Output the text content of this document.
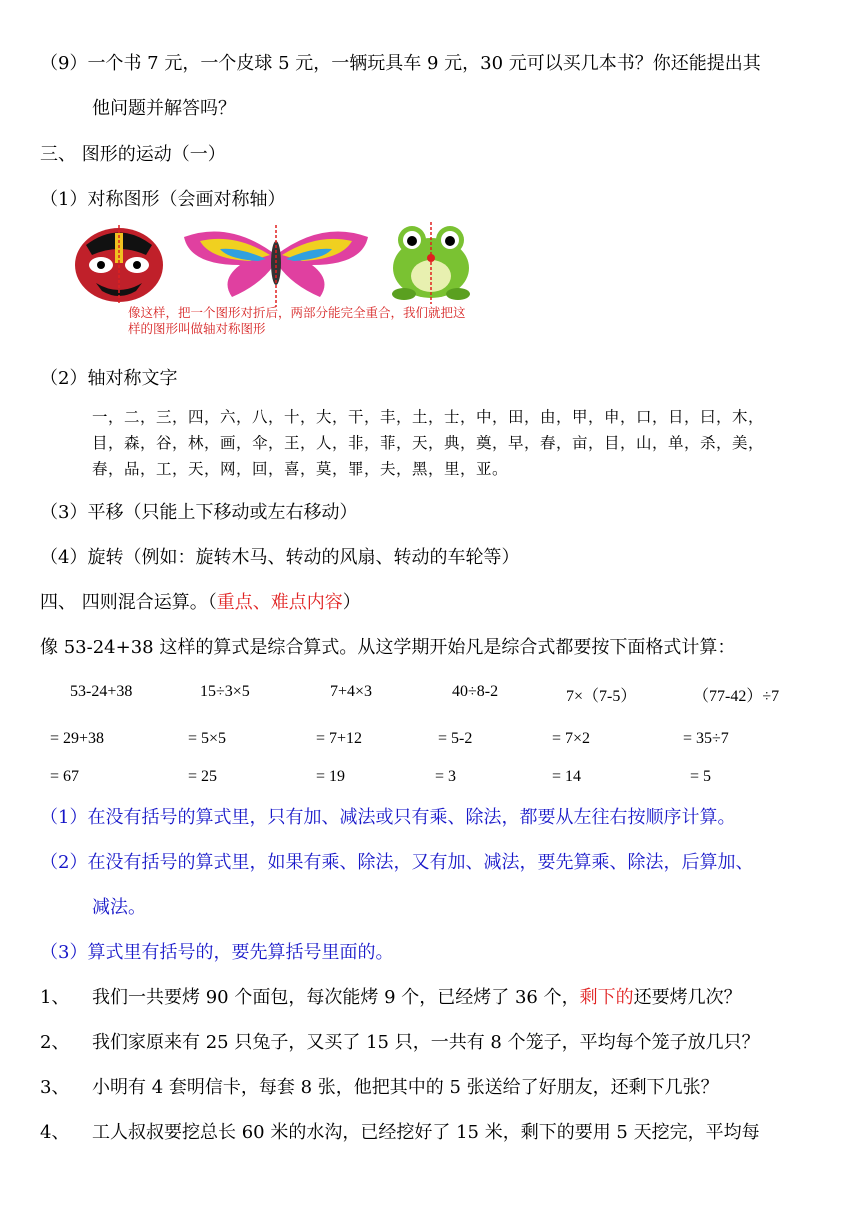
（9）一个书 7 元，一个皮球 5 元，一辆玩具车 9 元，30 元可以买几本书？你还能提出其
他问题并解答吗？
三、 图形的运动（一）
（1）对称图形（会画对称轴）
像这样，把一个图形对折后，两部分能完全重合，我们就把这样的图形叫做轴对称图形
（2）轴对称文字
一，二，三，四，六，八，十，大，干，丰，土，士，中，田，由，甲，申，口，日，曰，木，
目，森，谷，林，画，伞，王，人，非，菲，天，典，奠，早，春，亩，目，山，单，杀，美，
春，品，工，天，网，回，喜，莫，罪，夫，黑，里，亚。
（3）平移（只能上下移动或左右移动）
（4）旋转（例如：旋转木马、转动的风扇、转动的车轮等）
四、 四则混合运算。（重点、难点内容）
像 53-24+38 这样的算式是综合算式。从这学期开始凡是综合式都要按下面格式计算：
53-24+38	15÷3×5	7+4×3	40÷8-2	7×（7-5）	（77-42）÷7
= 29+38	= 5×5	= 7+12	= 5-2	= 7×2	= 35÷7
= 67	= 25	= 19	= 3	= 14	= 5
（1）在没有括号的算式里，只有加、减法或只有乘、除法，都要从左往右按顺序计算。
（2）在没有括号的算式里，如果有乘、除法，又有加、减法，要先算乘、除法，后算加、
减法。
（3）算式里有括号的，要先算括号里面的。
1、 我们一共要烤 90 个面包，每次能烤 9 个，已经烤了 36 个，剩下的还要烤几次？
2、 我们家原来有 25 只兔子，又买了 15 只，一共有 8 个笼子，平均每个笼子放几只？
3、 小明有 4 套明信卡，每套 8 张，他把其中的 5 张送给了好朋友，还剩下几张？
4、 工人叔叔要挖总长 60 米的水沟，已经挖好了 15 米，剩下的要用 5 天挖完，平均每
